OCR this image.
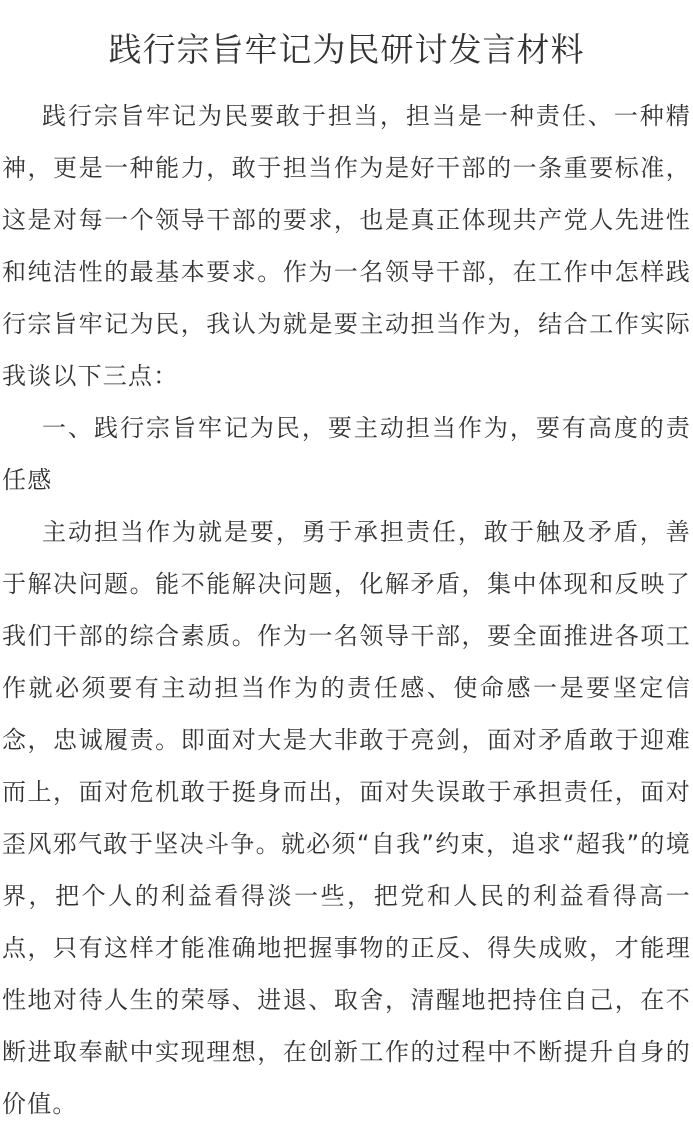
践行宗旨牢记为民研讨发言材料

践行宗旨牢记为民要敢于担当，担当是一种责任、一种精神，更是一种能力，敢于担当作为是好干部的一条重要标准，这是对每一个领导干部的要求，也是真正体现共产党人先进性和纯洁性的最基本要求。作为一名领导干部，在工作中怎样践行宗旨牢记为民，我认为就是要主动担当作为，结合工作实际我谈以下三点：

一、践行宗旨牢记为民，要主动担当作为，要有高度的责任感

主动担当作为就是要，勇于承担责任，敢于触及矛盾，善于解决问题。能不能解决问题，化解矛盾，集中体现和反映了我们干部的综合素质。作为一名领导干部，要全面推进各项工作就必须要有主动担当作为的责任感、使命感一是要坚定信念，忠诚履责。即面对大是大非敢于亮剑，面对矛盾敢于迎难而上，面对危机敢于挺身而出，面对失误敢于承担责任，面对歪风邪气敢于坚决斗争。就必须“自我”约束，追求“超我”的境界，把个人的利益看得淡一些，把党和人民的利益看得高一点，只有这样才能准确地把握事物的正反、得失成败，才能理性地对待人生的荣辱、进退、取舍，清醒地把持住自己，在不断进取奉献中实现理想，在创新工作的过程中不断提升自身的价值。
